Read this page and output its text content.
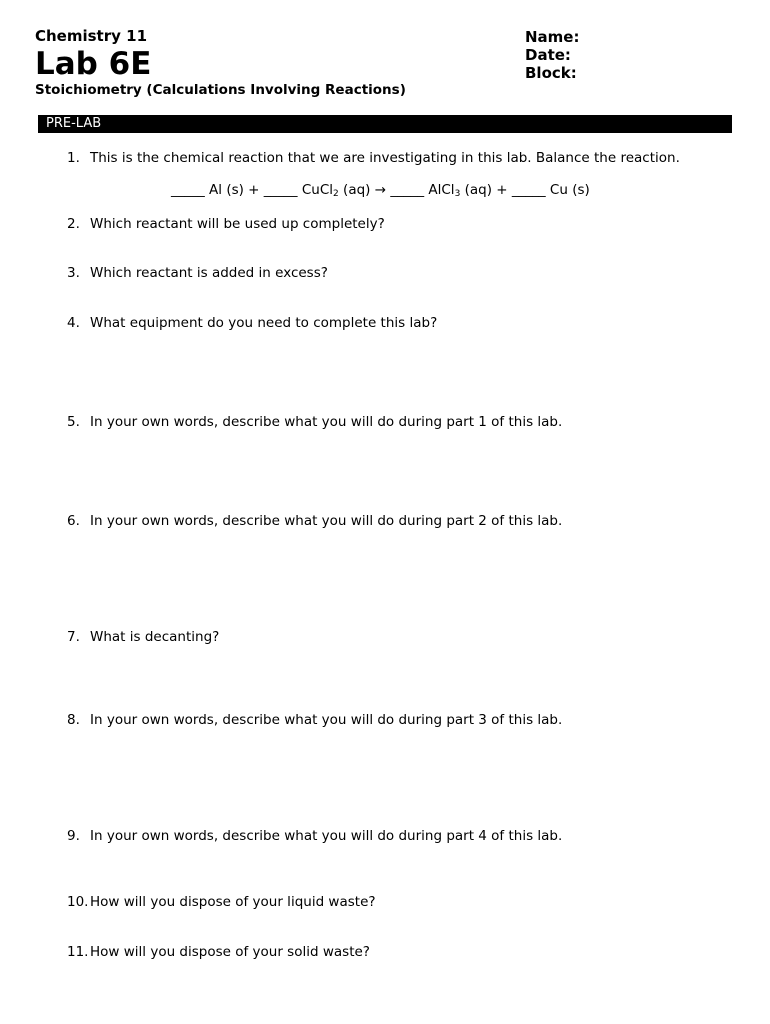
Chemistry 11
Lab 6E
Stoichiometry (Calculations Involving Reactions)
Name:
Date:
Block:
PRE-LAB
1. This is the chemical reaction that we are investigating in this lab. Balance the reaction.
_____ Al (s) + _____ CuCl$_2$ (aq) → _____ AlCl$_3$ (aq) + _____ Cu (s)
2. Which reactant will be used up completely?
3. Which reactant is added in excess?
4. What equipment do you need to complete this lab?
5. In your own words, describe what you will do during part 1 of this lab.
6. In your own words, describe what you will do during part 2 of this lab.
7. What is decanting?
8. In your own words, describe what you will do during part 3 of this lab.
9. In your own words, describe what you will do during part 4 of this lab.
10. How will you dispose of your liquid waste?
11. How will you dispose of your solid waste?
